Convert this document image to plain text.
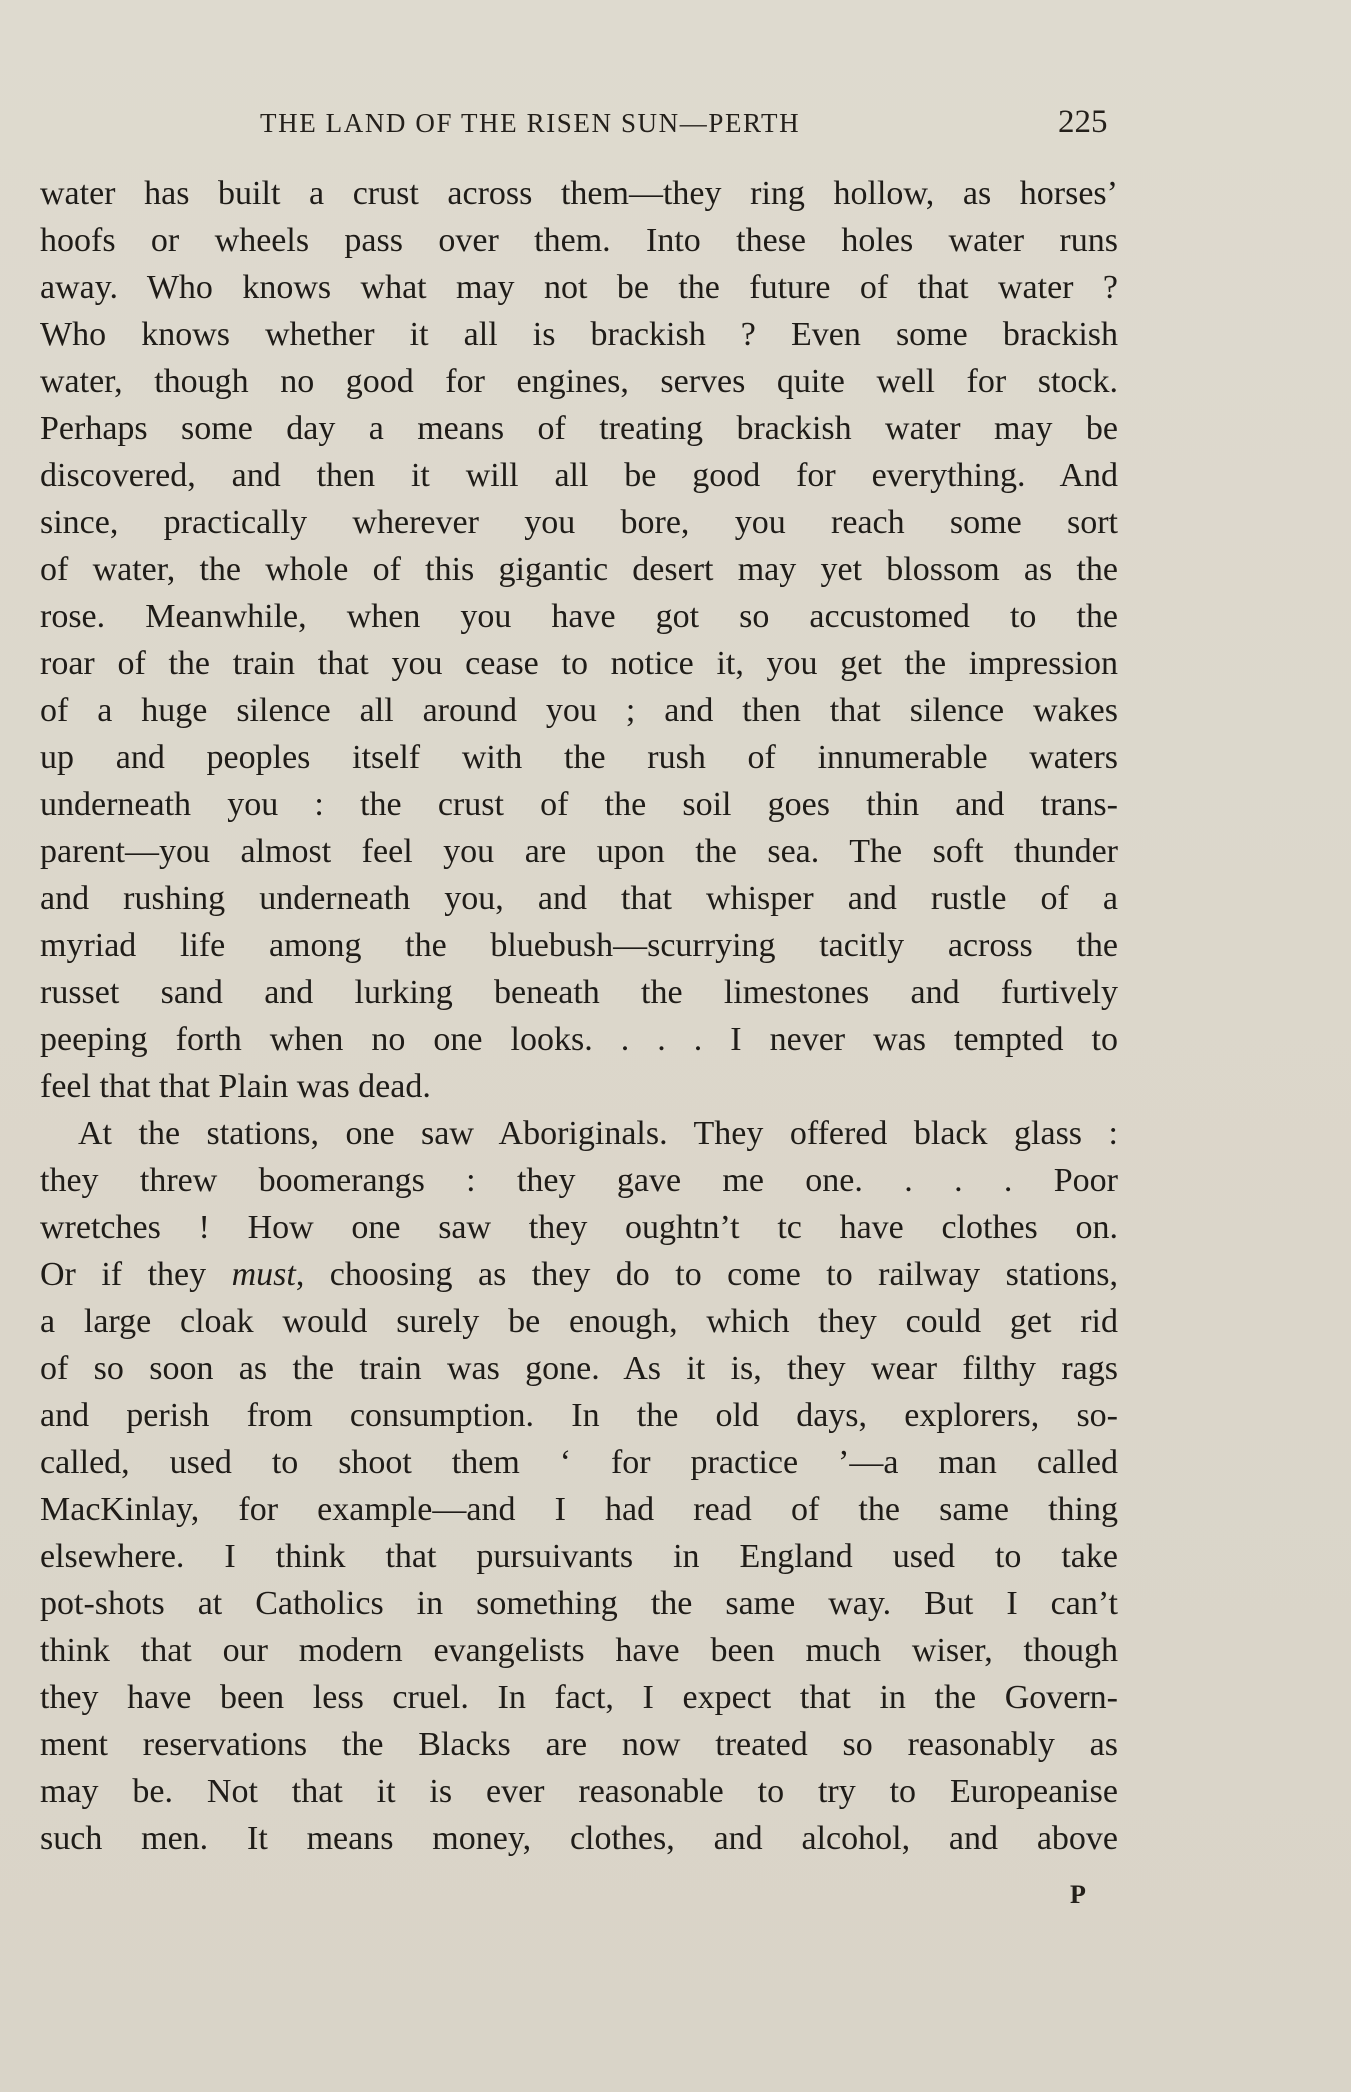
THE LAND OF THE RISEN SUN—PERTH	225
water has built a crust across them—they ring hollow, as horses’
hoofs or wheels pass over them. Into these holes water runs
away. Who knows what may not be the future of that water ?
Who knows whether it all is brackish ? Even some brackish
water, though no good for engines, serves quite well for stock.
Perhaps some day a means of treating brackish water may be
discovered, and then it will all be good for everything. And
since, practically wherever you bore, you reach some sort
of water, the whole of this gigantic desert may yet blossom as the
rose. Meanwhile, when you have got so accustomed to the
roar of the train that you cease to notice it, you get the impression
of a huge silence all around you ; and then that silence wakes
up and peoples itself with the rush of innumerable waters
underneath you : the crust of the soil goes thin and trans-
parent—you almost feel you are upon the sea. The soft thunder
and rushing underneath you, and that whisper and rustle of a
myriad life among the bluebush—scurrying tacitly across the
russet sand and lurking beneath the limestones and furtively
peeping forth when no one looks. . . . I never was tempted to
feel that that Plain was dead.
At the stations, one saw Aboriginals. They offered black glass :
they threw boomerangs : they gave me one. . . . Poor
wretches ! How one saw they oughtn’t tc have clothes on.
Or if they must, choosing as they do to come to railway stations,
a large cloak would surely be enough, which they could get rid
of so soon as the train was gone. As it is, they wear filthy rags
and perish from consumption. In the old days, explorers, so-
called, used to shoot them ‘ for practice ’—a man called
MacKinlay, for example—and I had read of the same thing
elsewhere. I think that pursuivants in England used to take
pot-shots at Catholics in something the same way. But I can’t
think that our modern evangelists have been much wiser, though
they have been less cruel. In fact, I expect that in the Govern-
ment reservations the Blacks are now treated so reasonably as
may be. Not that it is ever reasonable to try to Europeanise
such men. It means money, clothes, and alcohol, and above
P
